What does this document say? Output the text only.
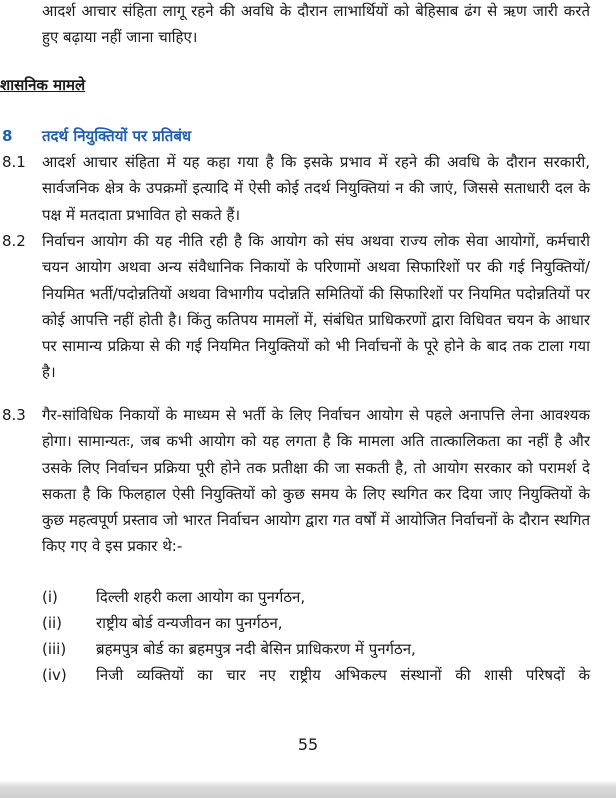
आदर्श आचार संहिता लागू रहने की अवधि के दौरान लाभार्थियों को बेहिसाब ढंग से ऋण जारी करते हुए बढ़ाया नहीं जाना चाहिए।

शासनिक मामले

8 तदर्थ नियुक्तियों पर प्रतिबंध

8.1 आदर्श आचार संहिता में यह कहा गया है कि इसके प्रभाव में रहने की अवधि के दौरान सरकारी, सार्वजनिक क्षेत्र के उपक्रमों इत्यादि में ऐसी कोई तदर्थ नियुक्तियां न की जाएं, जिससे सताधारी दल के पक्ष में मतदाता प्रभावित हो सकते हैं।

8.2 निर्वाचन आयोग की यह नीति रही है कि आयोग को संघ अथवा राज्य लोक सेवा आयोगों, कर्मचारी चयन आयोग अथवा अन्य संवैधानिक निकायों के परिणामों अथवा सिफारिशों पर की गई नियुक्तियों/नियमित भर्ती/पदोन्नतियों अथवा विभागीय पदोन्नति समितियों की सिफारिशों पर नियमित पदोन्नतियों पर कोई आपत्ति नहीं होती है। किंतु कतिपय मामलों में, संबंधित प्राधिकरणों द्वारा विधिवत चयन के आधार पर सामान्य प्रक्रिया से की गई नियमित नियुक्तियों को भी निर्वाचनों के पूरे होने के बाद तक टाला गया है।

8.3 गैर-सांविधिक निकायों के माध्यम से भर्ती के लिए निर्वाचन आयोग से पहले अनापत्ति लेना आवश्यक होगा। सामान्यतः, जब कभी आयोग को यह लगता है कि मामला अति तात्कालिकता का नहीं है और उसके लिए निर्वाचन प्रक्रिया पूरी होने तक प्रतीक्षा की जा सकती है, तो आयोग सरकार को परामर्श दे सकता है कि फिलहाल ऐसी नियुक्तियों को कुछ समय के लिए स्थगित कर दिया जाए नियुक्तियों के कुछ महत्वपूर्ण प्रस्ताव जो भारत निर्वाचन आयोग द्वारा गत वर्षों में आयोजित निर्वाचनों के दौरान स्थगित किए गए वे इस प्रकार थे:-

(i)	दिल्ली शहरी कला आयोग का पुनर्गठन,
(ii)	राष्ट्रीय बोर्ड वन्यजीवन का पुनर्गठन,
(iii)	ब्रहमपुत्र बोर्ड का ब्रहमपुत्र नदी बेसिन प्राधिकरण में पुनर्गठन,
(iv)	निजी व्यक्तियों का चार नए राष्ट्रीय अभिकल्प संस्थानों की शासी परिषदों के
55
